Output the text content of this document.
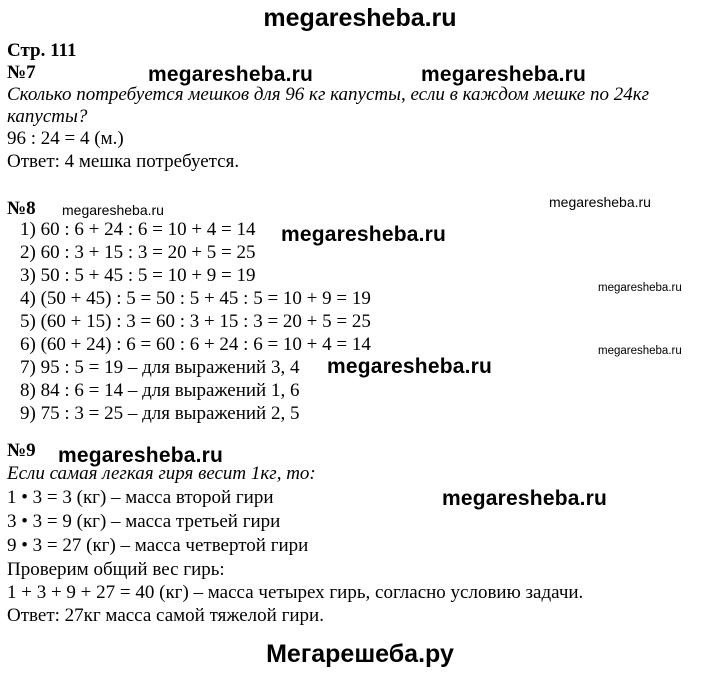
megaresheba.ru
Стр. 111
№7	megaresheba.ru	megaresheba.ru
Сколько потребуется мешков для 96 кг капусты, если в каждом мешке по 24кг
капусты?
96 : 24 = 4 (м.)
Ответ: 4 мешка потребуется.
№8 megaresheba.ru	megaresheba.ru
1) 60 : 6 + 24 : 6 = 10 + 4 = 14 megaresheba.ru
2) 60 : 3 + 15 : 3 = 20 + 5 = 25
3) 50 : 5 + 45 : 5 = 10 + 9 = 19
4) (50 + 45) : 5 = 50 : 5 + 45 : 5 = 10 + 9 = 19	megaresheba.ru
5) (60 + 15) : 3 = 60 : 3 + 15 : 3 = 20 + 5 = 25
6) (60 + 24) : 6 = 60 : 6 + 24 : 6 = 10 + 4 = 14	megaresheba.ru
7) 95 : 5 = 19 – для выражений 3, 4 megaresheba.ru
8) 84 : 6 = 14 – для выражений 1, 6
9) 75 : 3 = 25 – для выражений 2, 5
№9 megaresheba.ru
Если самая легкая гиря весит 1кг, то:
1 • 3 = 3 (кг) – масса второй гири	megaresheba.ru
3 • 3 = 9 (кг) – масса третьей гири
9 • 3 = 27 (кг) – масса четвертой гири
Проверим общий вес гирь:
1 + 3 + 9 + 27 = 40 (кг) – масса четырех гирь, согласно условию задачи.
Ответ: 27кг масса самой тяжелой гири.
Мегарешеба.ру
